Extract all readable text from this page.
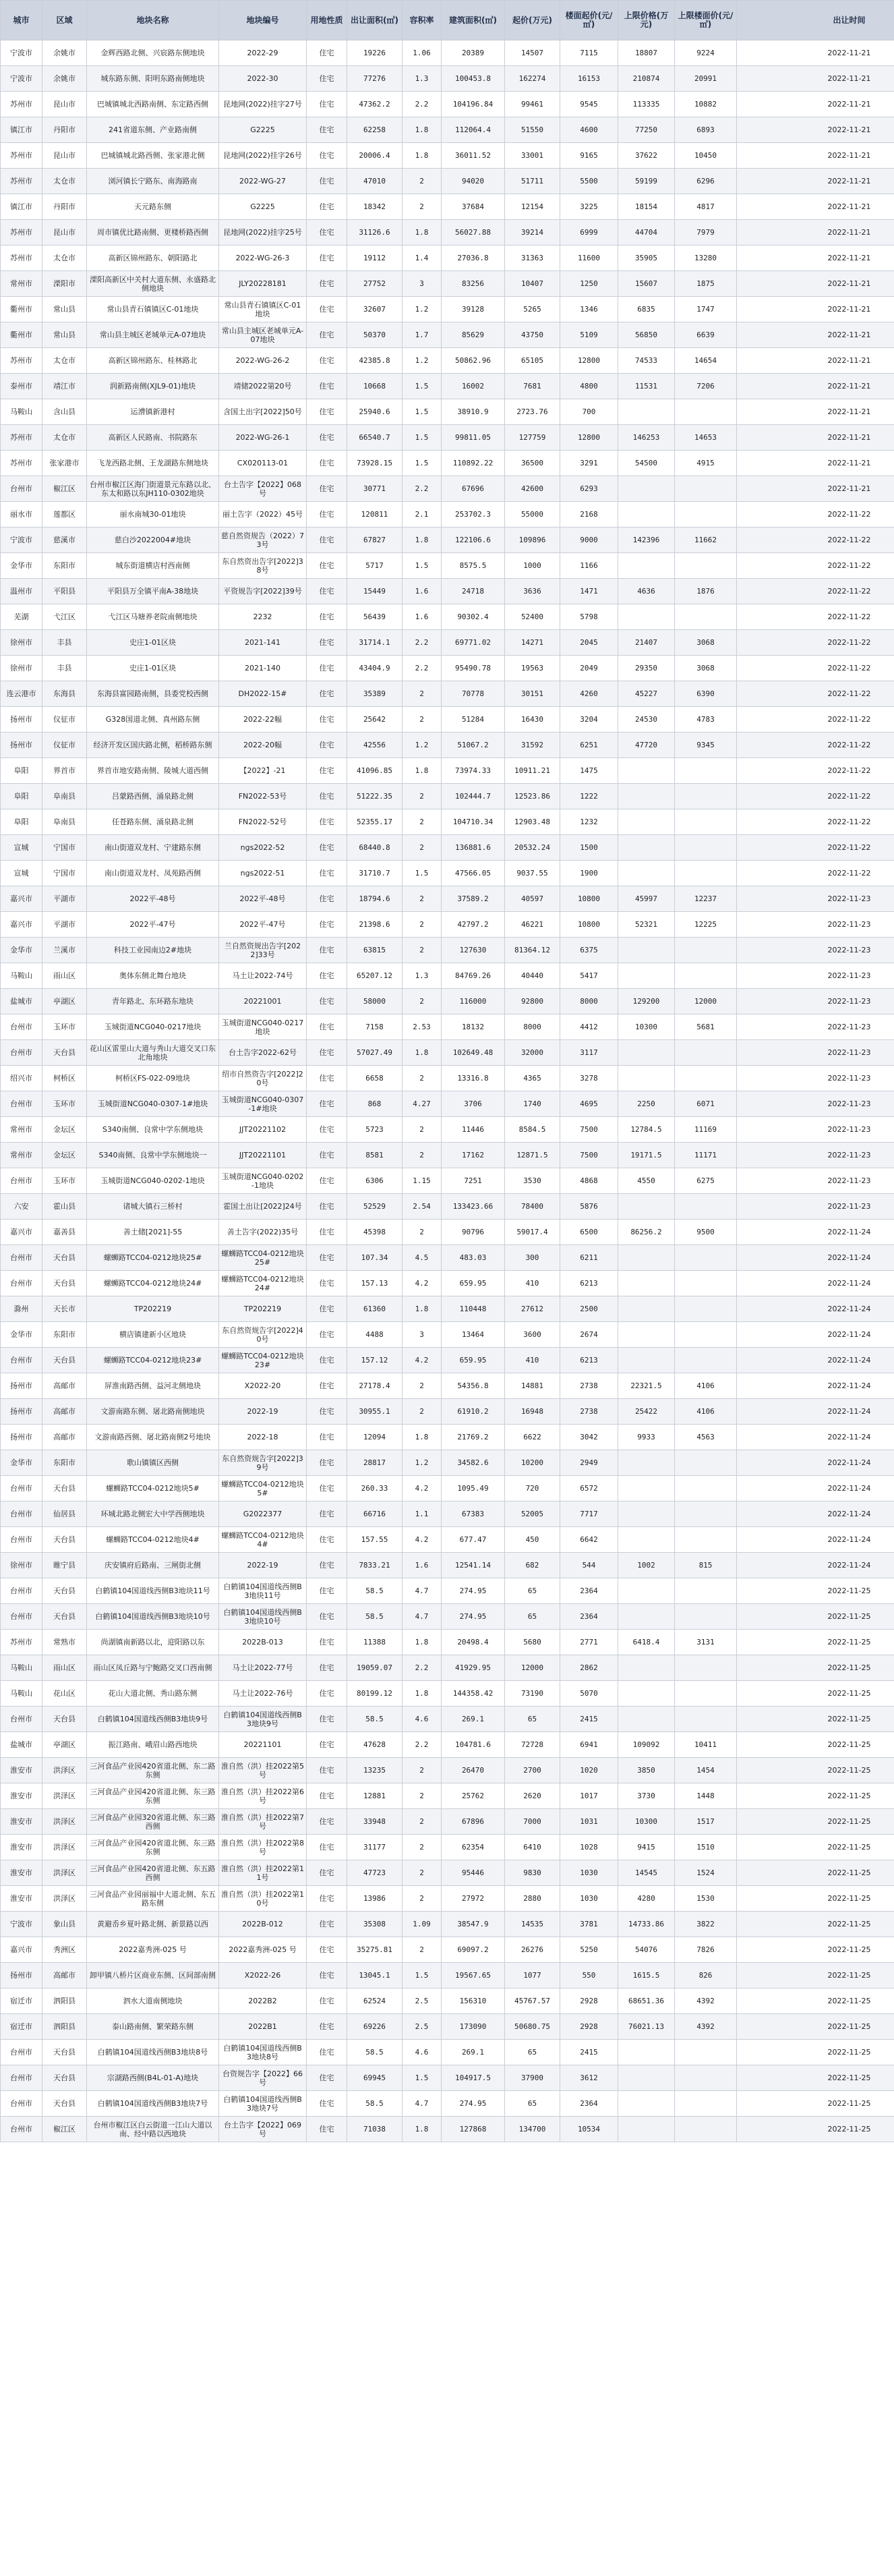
城市	区域	地块名称	地块编号	用地性质	出让面积(㎡)	容积率	建筑面积(㎡)	起价(万元)	楼面起价(元/㎡)	上限价格(万元)	上限楼面价(元/㎡)	出让时间
宁波市	余姚市	金辉西路北侧、兴宸路东侧地块	2022-29	住宅	19226	1.06	20389	14507	7115	18807	9224	2022-11-21
宁波市	余姚市	城东路东侧、阳明东路南侧地块	2022-30	住宅	77276	1.3	100453.8	162274	16153	210874	20991	2022-11-21
苏州市	昆山市	巴城镇城北西路南侧、东定路西侧	昆地网(2022)挂字27号	住宅	47362.2	2.2	104196.84	99461	9545	113335	10882	2022-11-21
镇江市	丹阳市	241省道东侧、产业路南侧	G2225	住宅	62258	1.8	112064.4	51550	4600	77250	6893	2022-11-21
苏州市	昆山市	巴城镇城北路西侧、张家港北侧	昆地网(2022)挂字26号	住宅	20006.4	1.8	36011.52	33001	9165	37622	10450	2022-11-21
苏州市	太仓市	浏河镇长宁路东、南海路南	2022-WG-27	住宅	47010	2	94020	51711	5500	59199	6296	2022-11-21
镇江市	丹阳市	天元路东侧	G2225	住宅	18342	2	37684	12154	3225	18154	4817	2022-11-21
苏州市	昆山市	周市镇优比路南侧、更楼桥路西侧	昆地网(2022)挂字25号	住宅	31126.6	1.8	56027.88	39214	6999	44704	7979	2022-11-21
苏州市	太仓市	高新区锦州路东、朝阳路北	2022-WG-26-3	住宅	19112	1.4	27036.8	31363	11600	35905	13280	2022-11-21
常州市	溧阳市	溧阳高新区中关村大道东侧、永盛路北侧地块	JLY20228181	住宅	27752	3	83256	10407	1250	15607	1875	2022-11-21
衢州市	常山县	常山县青石镇镇区C-01地块	常山县青石镇镇区C-01地块	住宅	32607	1.2	39128	5265	1346	6835	1747	2022-11-21
衢州市	常山县	常山县主城区老城单元A-07地块	常山县主城区老城单元A-07地块	住宅	50370	1.7	85629	43750	5109	56850	6639	2022-11-21
苏州市	太仓市	高新区锦州路东、桂林路北	2022-WG-26-2	住宅	42385.8	1.2	50862.96	65105	12800	74533	14654	2022-11-21
泰州市	靖江市	润新路南侧(XJL9-01)地块	靖储2022第20号	住宅	10668	1.5	16002	7681	4800	11531	7206	2022-11-21
马鞍山	含山县	运漕镇新港村	含国土出字[2022]50号	住宅	25940.6	1.5	38910.9	2723.76	700			2022-11-21
苏州市	太仓市	高新区人民路南、书院路东	2022-WG-26-1	住宅	66540.7	1.5	99811.05	127759	12800	146253	14653	2022-11-21
苏州市	张家港市	飞龙西路北侧、王龙湖路东侧地块	CX020113-01	住宅	73928.15	1.5	110892.22	36500	3291	54500	4915	2022-11-21
台州市	椒江区	台州市椒江区海门街道景元东路以北、东太和路以东JH110-0302地块	台土告字【2022】068号	住宅	30771	2.2	67696	42600	6293			2022-11-21
丽水市	莲都区	丽水南城30-01地块	丽土告字（2022）45号	住宅	120811	2.1	253702.3	55000	2168			2022-11-22
宁波市	慈溪市	慈白沙2022004#地块	慈自然资规告（2022）73号	住宅	67827	1.8	122106.6	109896	9000	142396	11662	2022-11-22
金华市	东阳市	城东街道横店村西南侧	东自然资出告字[2022]38号	住宅	5717	1.5	8575.5	1000	1166			2022-11-22
温州市	平阳县	平阳县万全镇平南A-38地块	平资规告字[2022]39号	住宅	15449	1.6	24718	3636	1471	4636	1876	2022-11-22
芜湖	弋江区	弋江区马塘养老院南侧地块	2232	住宅	56439	1.6	90302.4	52400	5798			2022-11-22
徐州市	丰县	史庄1-01区块	2021-141	住宅	31714.1	2.2	69771.02	14271	2045	21407	3068	2022-11-22
徐州市	丰县	史庄1-01区块	2021-140	住宅	43404.9	2.2	95490.78	19563	2049	29350	3068	2022-11-22
连云港市	东海县	东海县富园路南侧，县委党校西侧	DH2022-15#	住宅	35389	2	70778	30151	4260	45227	6390	2022-11-22
扬州市	仪征市	G328国道北侧、真州路东侧	2022-22幅	住宅	25642	2	51284	16430	3204	24530	4783	2022-11-22
扬州市	仪征市	经济开发区国庆路北侧，稻桥路东侧	2022-20幅	住宅	42556	1.2	51067.2	31592	6251	47720	9345	2022-11-22
阜阳	界首市	界首市地安路南侧、陵城大道西侧	【2022】-21	住宅	41096.85	1.8	73974.33	10911.21	1475			2022-11-22
阜阳	阜南县	吕蒙路西侧、涌泉路北侧	FN2022-53号	住宅	51222.35	2	102444.7	12523.86	1222			2022-11-22
阜阳	阜南县	任苍路东侧、涌泉路北侧	FN2022-52号	住宅	52355.17	2	104710.34	12903.48	1232			2022-11-22
宣城	宁国市	南山街道双龙村、宁建路东侧	ngs2022-52	住宅	68440.8	2	136881.6	20532.24	1500			2022-11-22
宣城	宁国市	南山街道双龙村、凤苑路西侧	ngs2022-51	住宅	31710.7	1.5	47566.05	9037.55	1900			2022-11-22
嘉兴市	平湖市	2022平-48号	2022平-48号	住宅	18794.6	2	37589.2	40597	10800	45997	12237	2022-11-23
嘉兴市	平湖市	2022平-47号	2022平-47号	住宅	21398.6	2	42797.2	46221	10800	52321	12225	2022-11-23
金华市	兰溪市	科技工业园南边2#地块	兰自然资规出告字[2022]33号	住宅	63815	2	127630	81364.12	6375			2022-11-23
马鞍山	雨山区	奥体东侧北舞台地块	马土让2022-74号	住宅	65207.12	1.3	84769.26	40440	5417			2022-11-23
盐城市	亭湖区	青年路北、东环路东地块	20221001	住宅	58000	2	116000	92800	8000	129200	12000	2022-11-23
台州市	玉环市	玉城街道NCG040-0217地块	玉城街道NCG040-0217地块	住宅	7158	2.53	18132	8000	4412	10300	5681	2022-11-23
台州市	天台县	花山区雷里山大道与秀山大道交叉口东北角地块	台土告字2022-62号	住宅	57027.49	1.8	102649.48	32000	3117			2022-11-23
绍兴市	柯桥区	柯桥区FS-022-09地块	绍市自然资告字[2022]20号	住宅	6658	2	13316.8	4365	3278			2022-11-23
台州市	玉环市	玉城街道NCG040-0307-1#地块	玉城街道NCG040-0307-1#地块	住宅	868	4.27	3706	1740	4695	2250	6071	2022-11-23
常州市	金坛区	S340南侧、良常中学东侧地块	JJT20221102	住宅	5723	2	11446	8584.5	7500	12784.5	11169	2022-11-23
常州市	金坛区	S340南侧、良常中学东侧地块一	JJT20221101	住宅	8581	2	17162	12871.5	7500	19171.5	11171	2022-11-23
台州市	玉环市	玉城街道NCG040-0202-1地块	玉城街道NCG040-0202-1地块	住宅	6306	1.15	7251	3530	4868	4550	6275	2022-11-23
六安	霍山县	诸城大镇石三桥村	霍国土出让[2022]24号	住宅	52529	2.54	133423.66	78400	5876			2022-11-23
嘉兴市	嘉善县	善土储[2021]-55	善土告字(2022)35号	住宅	45398	2	90796	59017.4	6500	86256.2	9500	2022-11-24
台州市	天台县	螺蛳路TCC04-0212地块25#	螺蛳路TCC04-0212地块25#	住宅	107.34	4.5	483.03	300	6211			2022-11-24
台州市	天台县	螺蛳路TCC04-0212地块24#	螺蛳路TCC04-0212地块24#	住宅	157.13	4.2	659.95	410	6213			2022-11-24
滁州	天长市	TP202219	TP202219	住宅	61360	1.8	110448	27612	2500			2022-11-24
金华市	东阳市	横店镇建新小区地块	东自然资规告字[2022]40号	住宅	4488	3	13464	3600	2674			2022-11-24
台州市	天台县	螺蛳路TCC04-0212地块23#	螺蛳路TCC04-0212地块23#	住宅	157.12	4.2	659.95	410	6213			2022-11-24
扬州市	高邮市	屏淮南路西侧、益河北侧地块	X2022-20	住宅	27178.4	2	54356.8	14881	2738	22321.5	4106	2022-11-24
扬州市	高邮市	文游南路东侧、屠北路南侧地块	2022-19	住宅	30955.1	2	61910.2	16948	2738	25422	4106	2022-11-24
扬州市	高邮市	文游南路西侧、屠北路南侧2号地块	2022-18	住宅	12094	1.8	21769.2	6622	3042	9933	4563	2022-11-24
金华市	东阳市	歌山镇镇区西侧	东自然资规告字[2022]39号	住宅	28817	1.2	34582.6	10200	2949			2022-11-24
台州市	天台县	螺蛳路TCC04-0212地块5#	螺蛳路TCC04-0212地块5#	住宅	260.33	4.2	1095.49	720	6572			2022-11-24
台州市	仙居县	环城北路北侧宏大中学西侧地块	G2022377	住宅	66716	1.1	67383	52005	7717			2022-11-24
台州市	天台县	螺蛳路TCC04-0212地块4#	螺蛳路TCC04-0212地块4#	住宅	157.55	4.2	677.47	450	6642			2022-11-24
徐州市	睢宁县	庆安镇府后路南、三闸街北侧	2022-19	住宅	7833.21	1.6	12541.14	682	544	1002	815	2022-11-24
台州市	天台县	白鹤镇104国道线西侧B3地块11号	白鹤镇104国道线西侧B3地块11号	住宅	58.5	4.7	274.95	65	2364			2022-11-25
台州市	天台县	白鹤镇104国道线西侧B3地块10号	白鹤镇104国道线西侧B3地块10号	住宅	58.5	4.7	274.95	65	2364			2022-11-25
苏州市	常熟市	尚湖镇南新路以北，迎阳路以东	2022B-013	住宅	11388	1.8	20498.4	5680	2771	6418.4	3131	2022-11-25
马鞍山	雨山区	雨山区凤丘路与宁鲍路交叉口西南侧	马土让2022-77号	住宅	19059.07	2.2	41929.95	12000	2862			2022-11-25
马鞍山	花山区	花山大道北侧、秀山路东侧	马土让2022-76号	住宅	80199.12	1.8	144358.42	73190	5070			2022-11-25
台州市	天台县	白鹤镇104国道线西侧B3地块9号	白鹤镇104国道线西侧B3地块9号	住宅	58.5	4.6	269.1	65	2415			2022-11-25
盐城市	亭湖区	振江路南、峨眉山路西地块	20221101	住宅	47628	2.2	104781.6	72728	6941	109092	10411	2022-11-25
淮安市	洪泽区	三河食品产业园420省道北侧、东二路东侧	淮自然（洪）挂2022第5号	住宅	13235	2	26470	2700	1020	3850	1454	2022-11-25
淮安市	洪泽区	三河食品产业园420省道北侧、东三路东侧	淮自然（洪）挂2022第6号	住宅	12881	2	25762	2620	1017	3730	1448	2022-11-25
淮安市	洪泽区	三河食品产业园320省道北侧、东三路西侧	淮自然（洪）挂2022第7号	住宅	33948	2	67896	7000	1031	10300	1517	2022-11-25
淮安市	洪泽区	三河食品产业园420省道北侧、东三路东侧	淮自然（洪）挂2022第8号	住宅	31177	2	62354	6410	1028	9415	1510	2022-11-25
淮安市	洪泽区	三河食品产业园420省道北侧、东五路西侧	淮自然（洪）挂2022第11号	住宅	47723	2	95446	9830	1030	14545	1524	2022-11-25
淮安市	洪泽区	三河食品产业园丽福中大道北侧、东五路东侧	淮自然（洪）挂2022第10号	住宅	13986	2	27972	2880	1030	4280	1530	2022-11-25
宁波市	象山县	黄避岙乡夏叶路北侧、新景路以西	2022B-012	住宅	35308	1.09	38547.9	14535	3781	14733.86	3822	2022-11-25
嘉兴市	秀洲区	2022嘉秀洲-025 号	2022嘉秀洲-025 号	住宅	35275.81	2	69097.2	26276	5250	54076	7826	2022-11-25
扬州市	高邮市	卸甲镇八桥片区商业东侧、区间部南侧	X2022-26	住宅	13045.1	1.5	19567.65	1077	550	1615.5	826	2022-11-25
宿迁市	泗阳县	泗水大道南侧地块	2022B2	住宅	62524	2.5	156310	45767.57	2928	68651.36	4392	2022-11-25
宿迁市	泗阳县	泰山路南侧、繁荣路东侧	2022B1	住宅	69226	2.5	173090	50680.75	2928	76021.13	4392	2022-11-25
台州市	天台县	白鹤镇104国道线西侧B3地块8号	白鹤镇104国道线西侧B3地块8号	住宅	58.5	4.6	269.1	65	2415			2022-11-25
台州市	天台县	宗湖路西侧(B4L-01-A)地块	台资规告字【2022】66号	住宅	69945	1.5	104917.5	37900	3612			2022-11-25
台州市	天台县	白鹤镇104国道线西侧B3地块7号	白鹤镇104国道线西侧B3地块7号	住宅	58.5	4.7	274.95	65	2364			2022-11-25
台州市	椒江区	台州市椒江区白云街道一江山大道以南、经中路以西地块	台土告字【2022】069号	住宅	71038	1.8	127868	134700	10534			2022-11-25
